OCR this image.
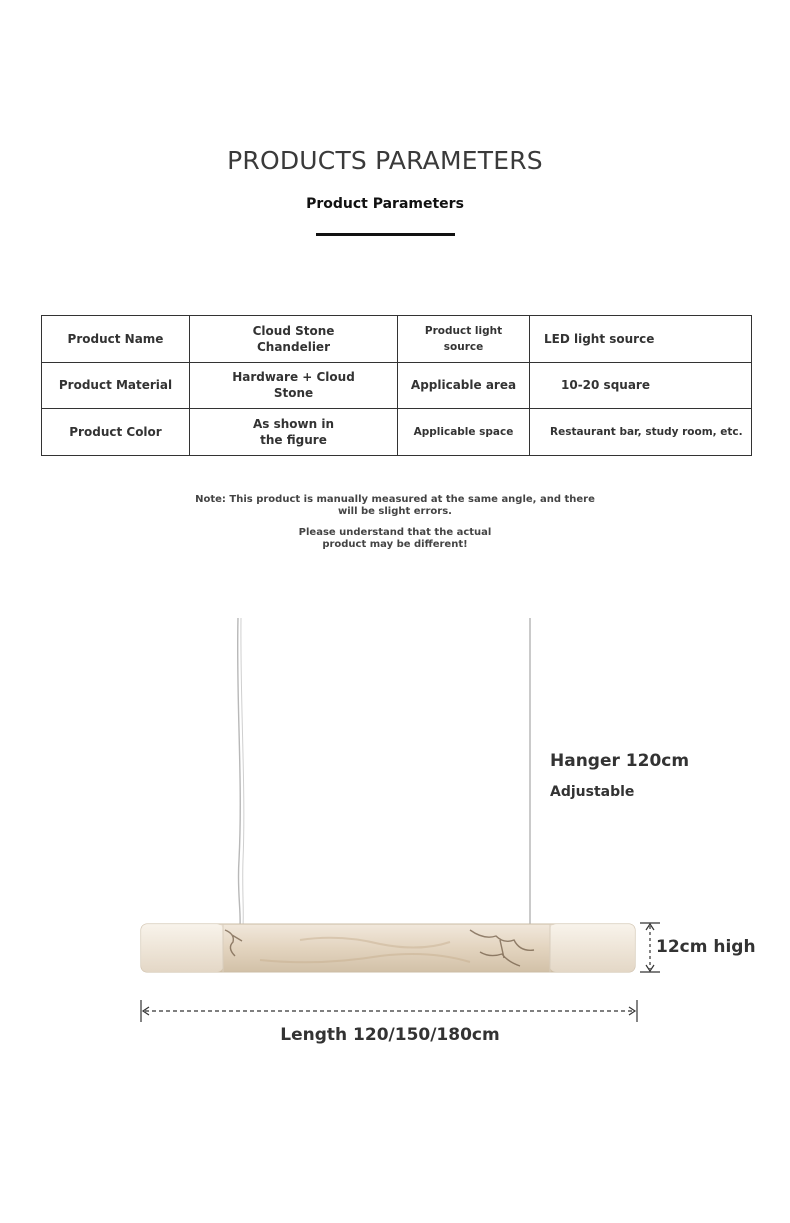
PRODUCTS PARAMETERS
Product Parameters
Product Name	Cloud Stone Chandelier	Product light source	LED light source
Product Material	Hardware + Cloud Stone	Applicable area	10-20 square
Product Color	As shown in the figure	Applicable space	Restaurant bar, study room, etc.
Note: This product is manually measured at the same angle, and there will be slight errors.
Please understand that the actual product may be different!
Hanger 120cm
Adjustable
12cm high
Length 120/150/180cm
